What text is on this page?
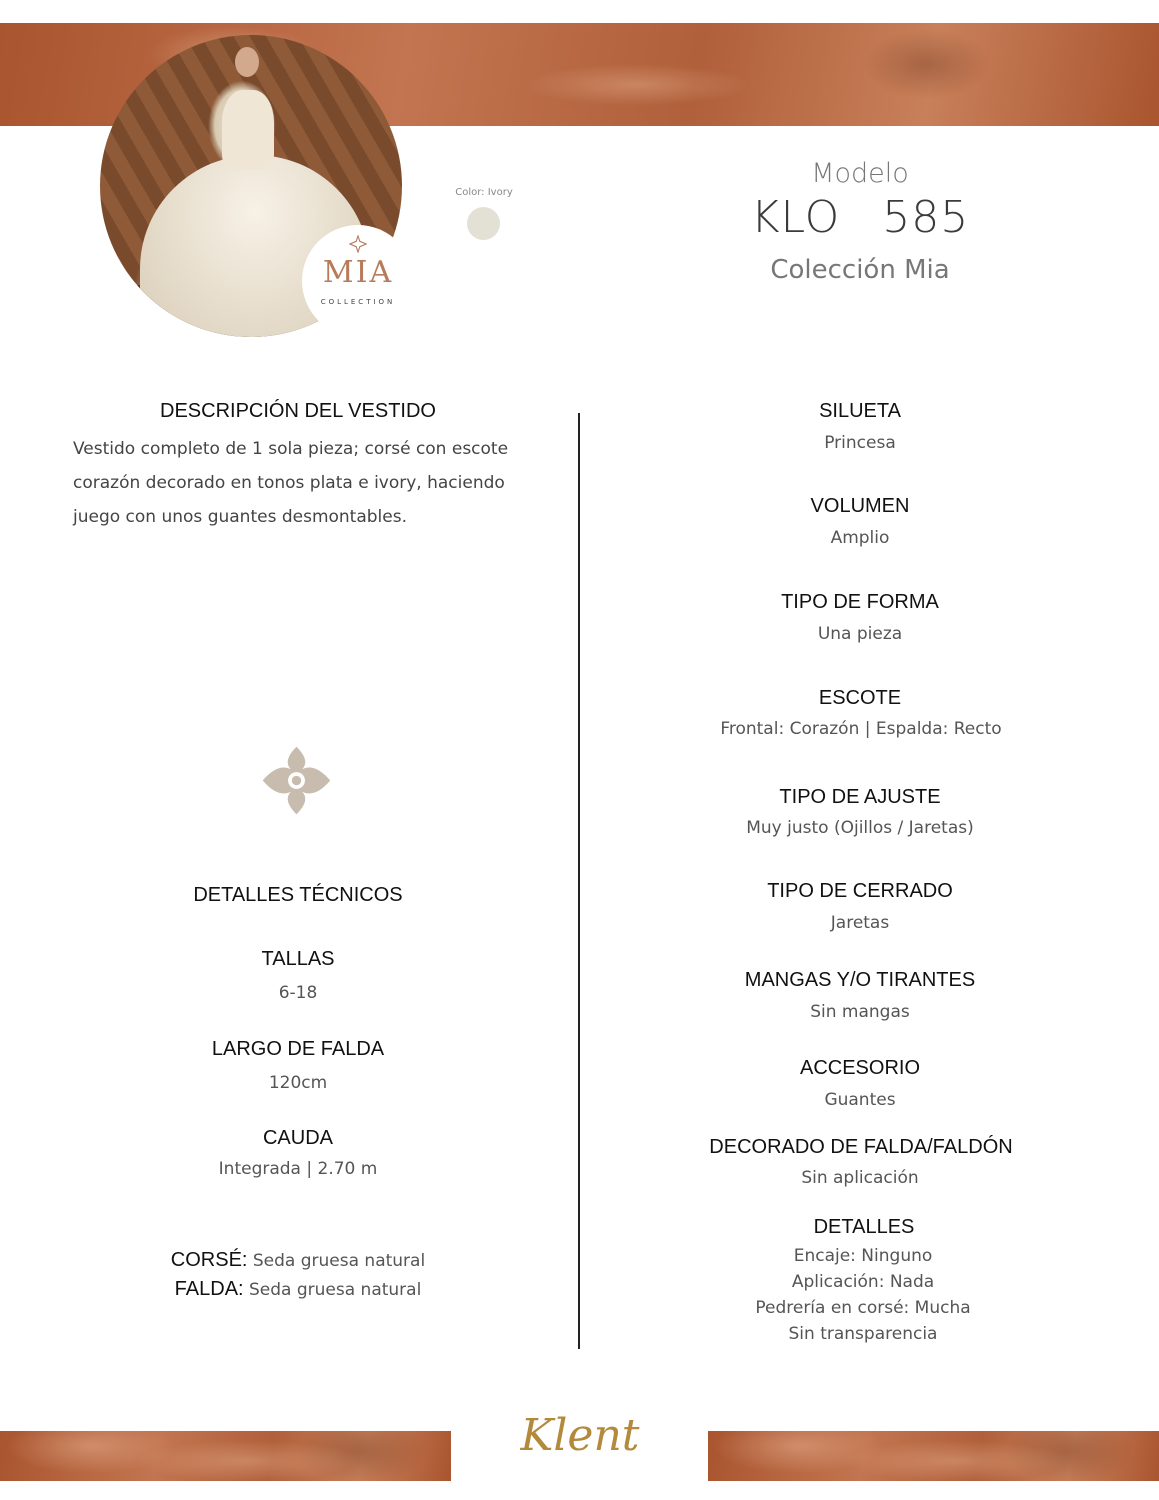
MIA
COLLECTION
Color: Ivory
Modelo
KLO  585
Colección Mia
DESCRIPCIÓN DEL VESTIDO
Vestido completo de 1 sola pieza; corsé con escote corazón decorado en tonos plata e ivory, haciendo juego con unos guantes desmontables.
DETALLES TÉCNICOS
TALLAS
6-18
LARGO DE FALDA
120cm
CAUDA
Integrada | 2.70 m
CORSÉ: Seda gruesa natural
FALDA: Seda gruesa natural
SILUETA
Princesa
VOLUMEN
Amplio
TIPO DE FORMA
Una pieza
ESCOTE
Frontal: Corazón | Espalda: Recto
TIPO DE AJUSTE
Muy justo (Ojillos / Jaretas)
TIPO DE CERRADO
Jaretas
MANGAS Y/O TIRANTES
Sin mangas
ACCESORIO
Guantes
DECORADO DE FALDA/FALDÓN
Sin aplicación
DETALLES
Encaje: Ninguno
Aplicación: Nada
Pedrería en corsé: Mucha
Sin transparencia
Klent
